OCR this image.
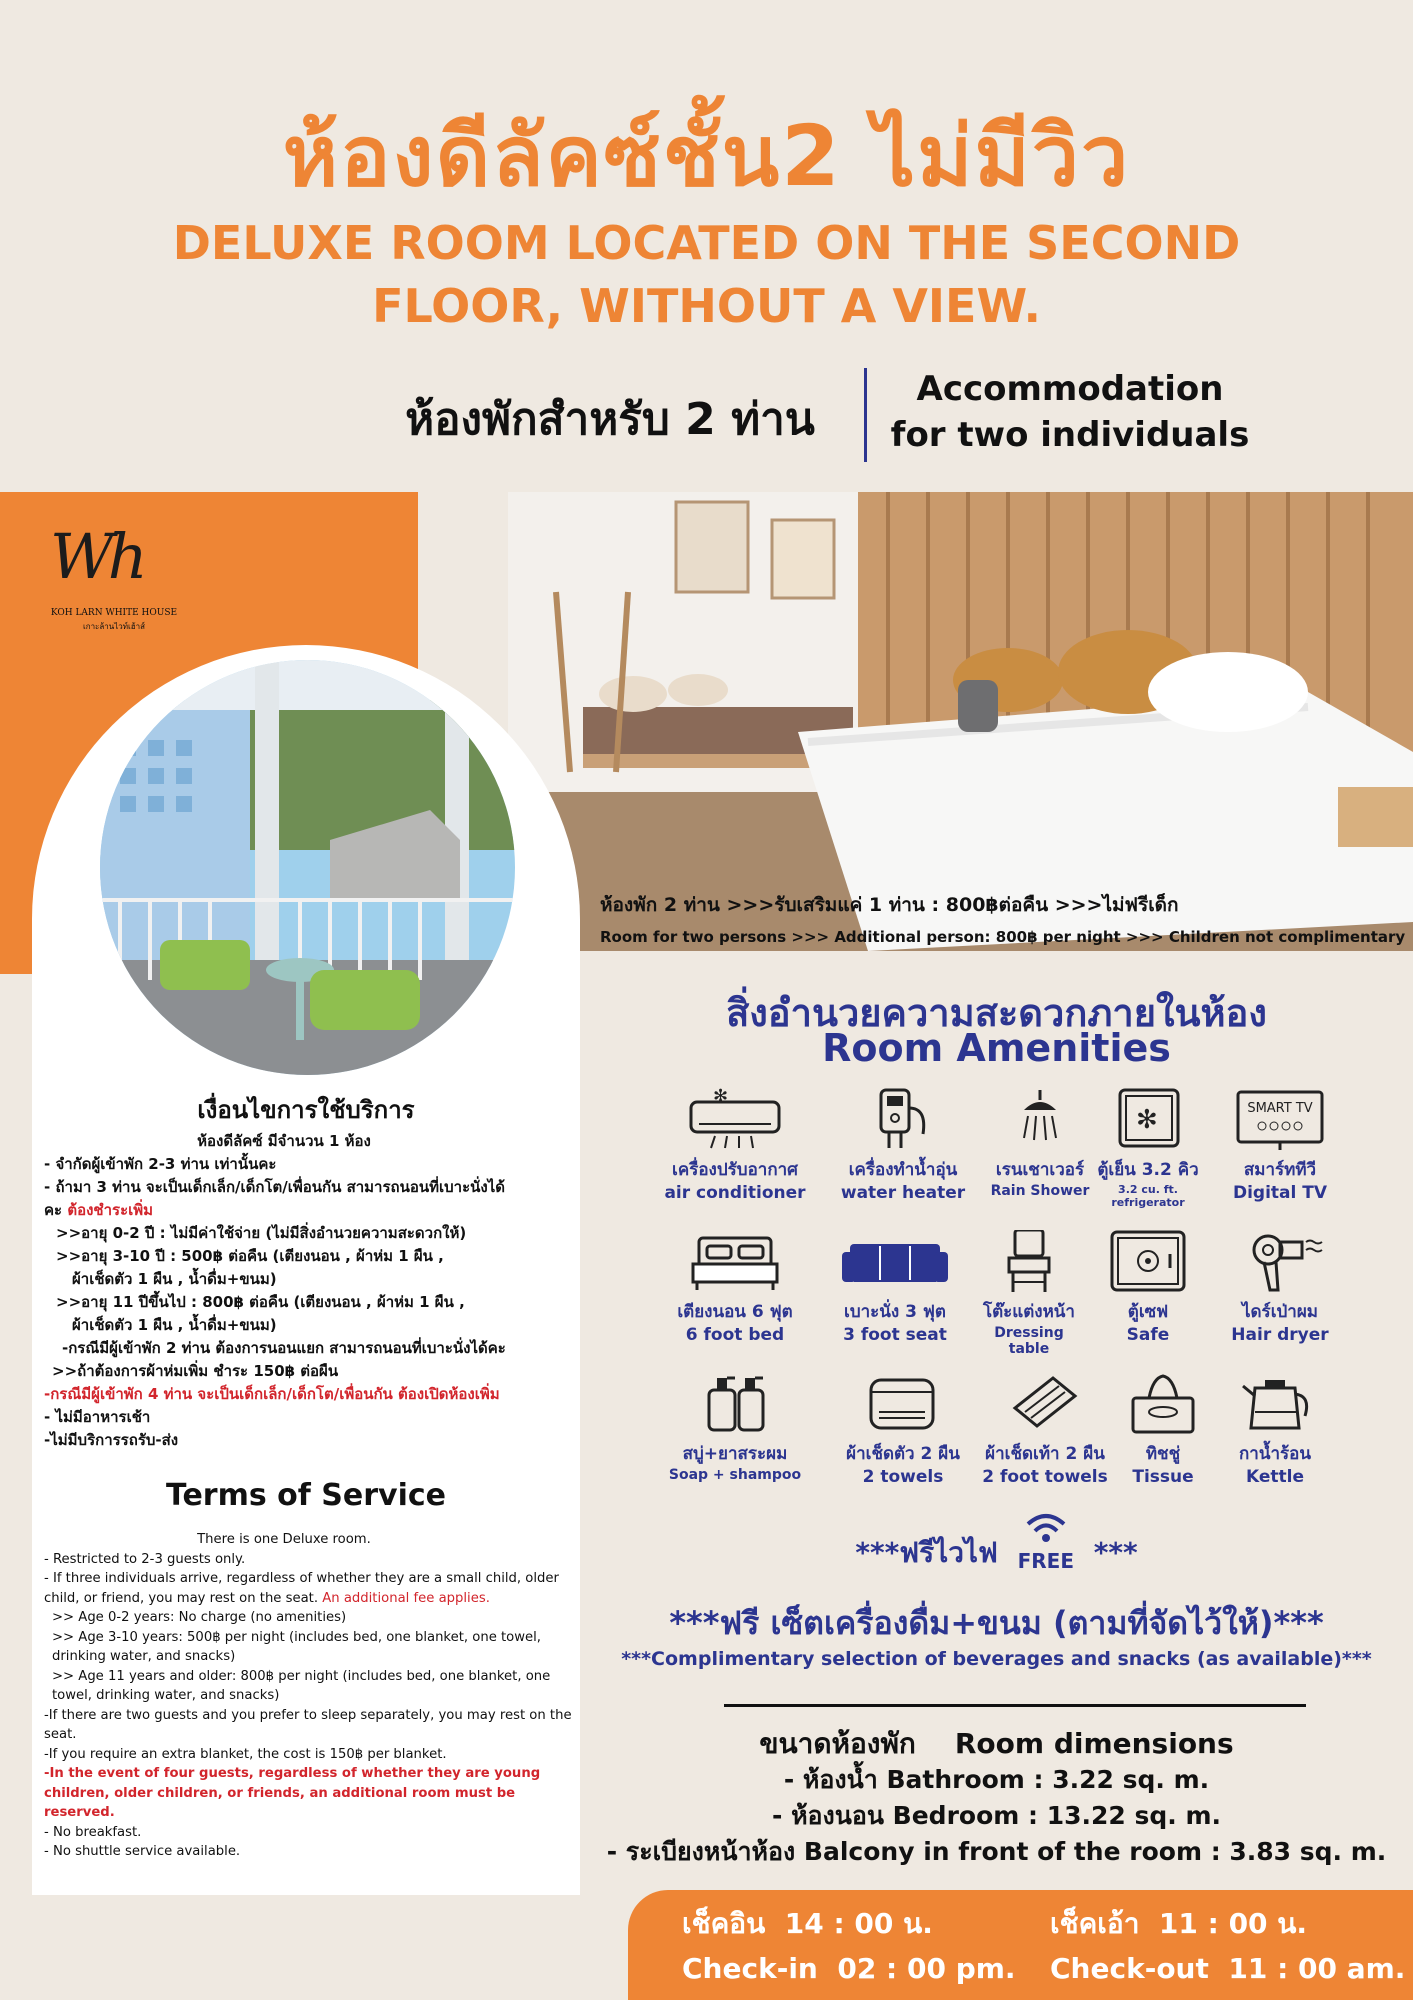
ห้องดีลัคซ์ชั้น2 ไม่มีวิว
DELUXE ROOM LOCATED ON THE SECOND FLOOR, WITHOUT A VIEW.
ห้องพักสำหรับ 2 ท่าน
Accommodation for two individuals
Wh
KOH LARN WHITE HOUSE
เกาะล้านไวท์เฮ้าส์
ห้องพัก 2 ท่าน >>>รับเสริมแค่ 1 ท่าน : 800฿ต่อคืน >>>ไม่ฟรีเด็ก
Room for two persons >>> Additional person: 800฿ per night >>> Children not complimentary
เงื่อนไขการใช้บริการ
ห้องดีลัคซ์ มีจำนวน 1 ห้อง
- จำกัดผู้เข้าพัก 2-3 ท่าน เท่านั้นคะ
- ถ้ามา 3 ท่าน จะเป็นเด็กเล็ก/เด็กโต/เพื่อนกัน สามารถนอนที่เบาะนั่งได้
คะ ต้องชำระเพิ่ม
>>อายุ 0-2 ปี : ไม่มีค่าใช้จ่าย (ไม่มีสิ่งอำนวยความสะดวกให้)
>>อายุ 3-10 ปี : 500฿ ต่อคืน (เตียงนอน , ผ้าห่ม 1 ผืน ,
ผ้าเช็ดตัว 1 ผืน , น้ำดื่ม+ขนม)
>>อายุ 11 ปีขึ้นไป : 800฿ ต่อคืน (เตียงนอน , ผ้าห่ม 1 ผืน ,
ผ้าเช็ดตัว 1 ผืน , น้ำดื่ม+ขนม)
-กรณีมีผู้เข้าพัก 2 ท่าน ต้องการนอนแยก สามารถนอนที่เบาะนั่งได้คะ
>>ถ้าต้องการผ้าห่มเพิ่ม ชำระ 150฿ ต่อผืน
-กรณีมีผู้เข้าพัก 4 ท่าน จะเป็นเด็กเล็ก/เด็กโต/เพื่อนกัน ต้องเปิดห้องเพิ่ม
- ไม่มีอาหารเช้า
-ไม่มีบริการรถรับ-ส่ง
Terms of Service
There is one Deluxe room.
- Restricted to 2-3 guests only.
- If three individuals arrive, regardless of whether they are a small child, older child, or friend, you may rest on the seat. An additional fee applies.
>> Age 0-2 years: No charge (no amenities)
>> Age 3-10 years: 500฿ per night (includes bed, one blanket, one towel, drinking water, and snacks)
>> Age 11 years and older: 800฿ per night (includes bed, one blanket, one towel, drinking water, and snacks)
-If there are two guests and you prefer to sleep separately, you may rest on the seat.
-If you require an extra blanket, the cost is 150฿ per blanket.
-In the event of four guests, regardless of whether they are young children, older children, or friends, an additional room must be reserved.
- No breakfast.
- No shuttle service available.
สิ่งอำนวยความสะดวกภายในห้อง
Room Amenities
✻
เครื่องปรับอากาศ
air conditioner
เครื่องทำน้ำอุ่น
water heater
เรนเชาเวอร์
Rain Shower
✻
ตู้เย็น 3.2 คิว
3.2 cu. ft. refrigerator
SMART TV
สมาร์ททีวี
Digital TV
เตียงนอน 6 ฟุต
6 foot bed
เบาะนั่ง 3 ฟุต
3 foot seat
โต๊ะแต่งหน้า
Dressing table
ตู้เซฟ
Safe
ไดร์เป่าผม
Hair dryer
สบู่+ยาสระผม
Soap + shampoo
ผ้าเช็ดตัว 2 ผืน
2 towels
ผ้าเช็ดเท้า 2 ผืน
2 foot towels
ทิชชู่
Tissue
กาน้ำร้อน
Kettle
***ฟรีไวไฟ FREE ***
***ฟรี เซ็ตเครื่องดื่ม+ขนม (ตามที่จัดไว้ให้)***
***Complimentary selection of beverages and snacks (as available)***
ขนาดห้องพัก    Room dimensions
- ห้องน้ำ Bathroom : 3.22 sq. m.
- ห้องนอน Bedroom : 13.22 sq. m.
- ระเบียงหน้าห้อง Balcony in front of the room : 3.83 sq. m.
เช็คอิน  14 : 00 น.	เช็คเอ้า  11 : 00 น.
Check-in  02 : 00 pm. Check-out  11 : 00 am.
